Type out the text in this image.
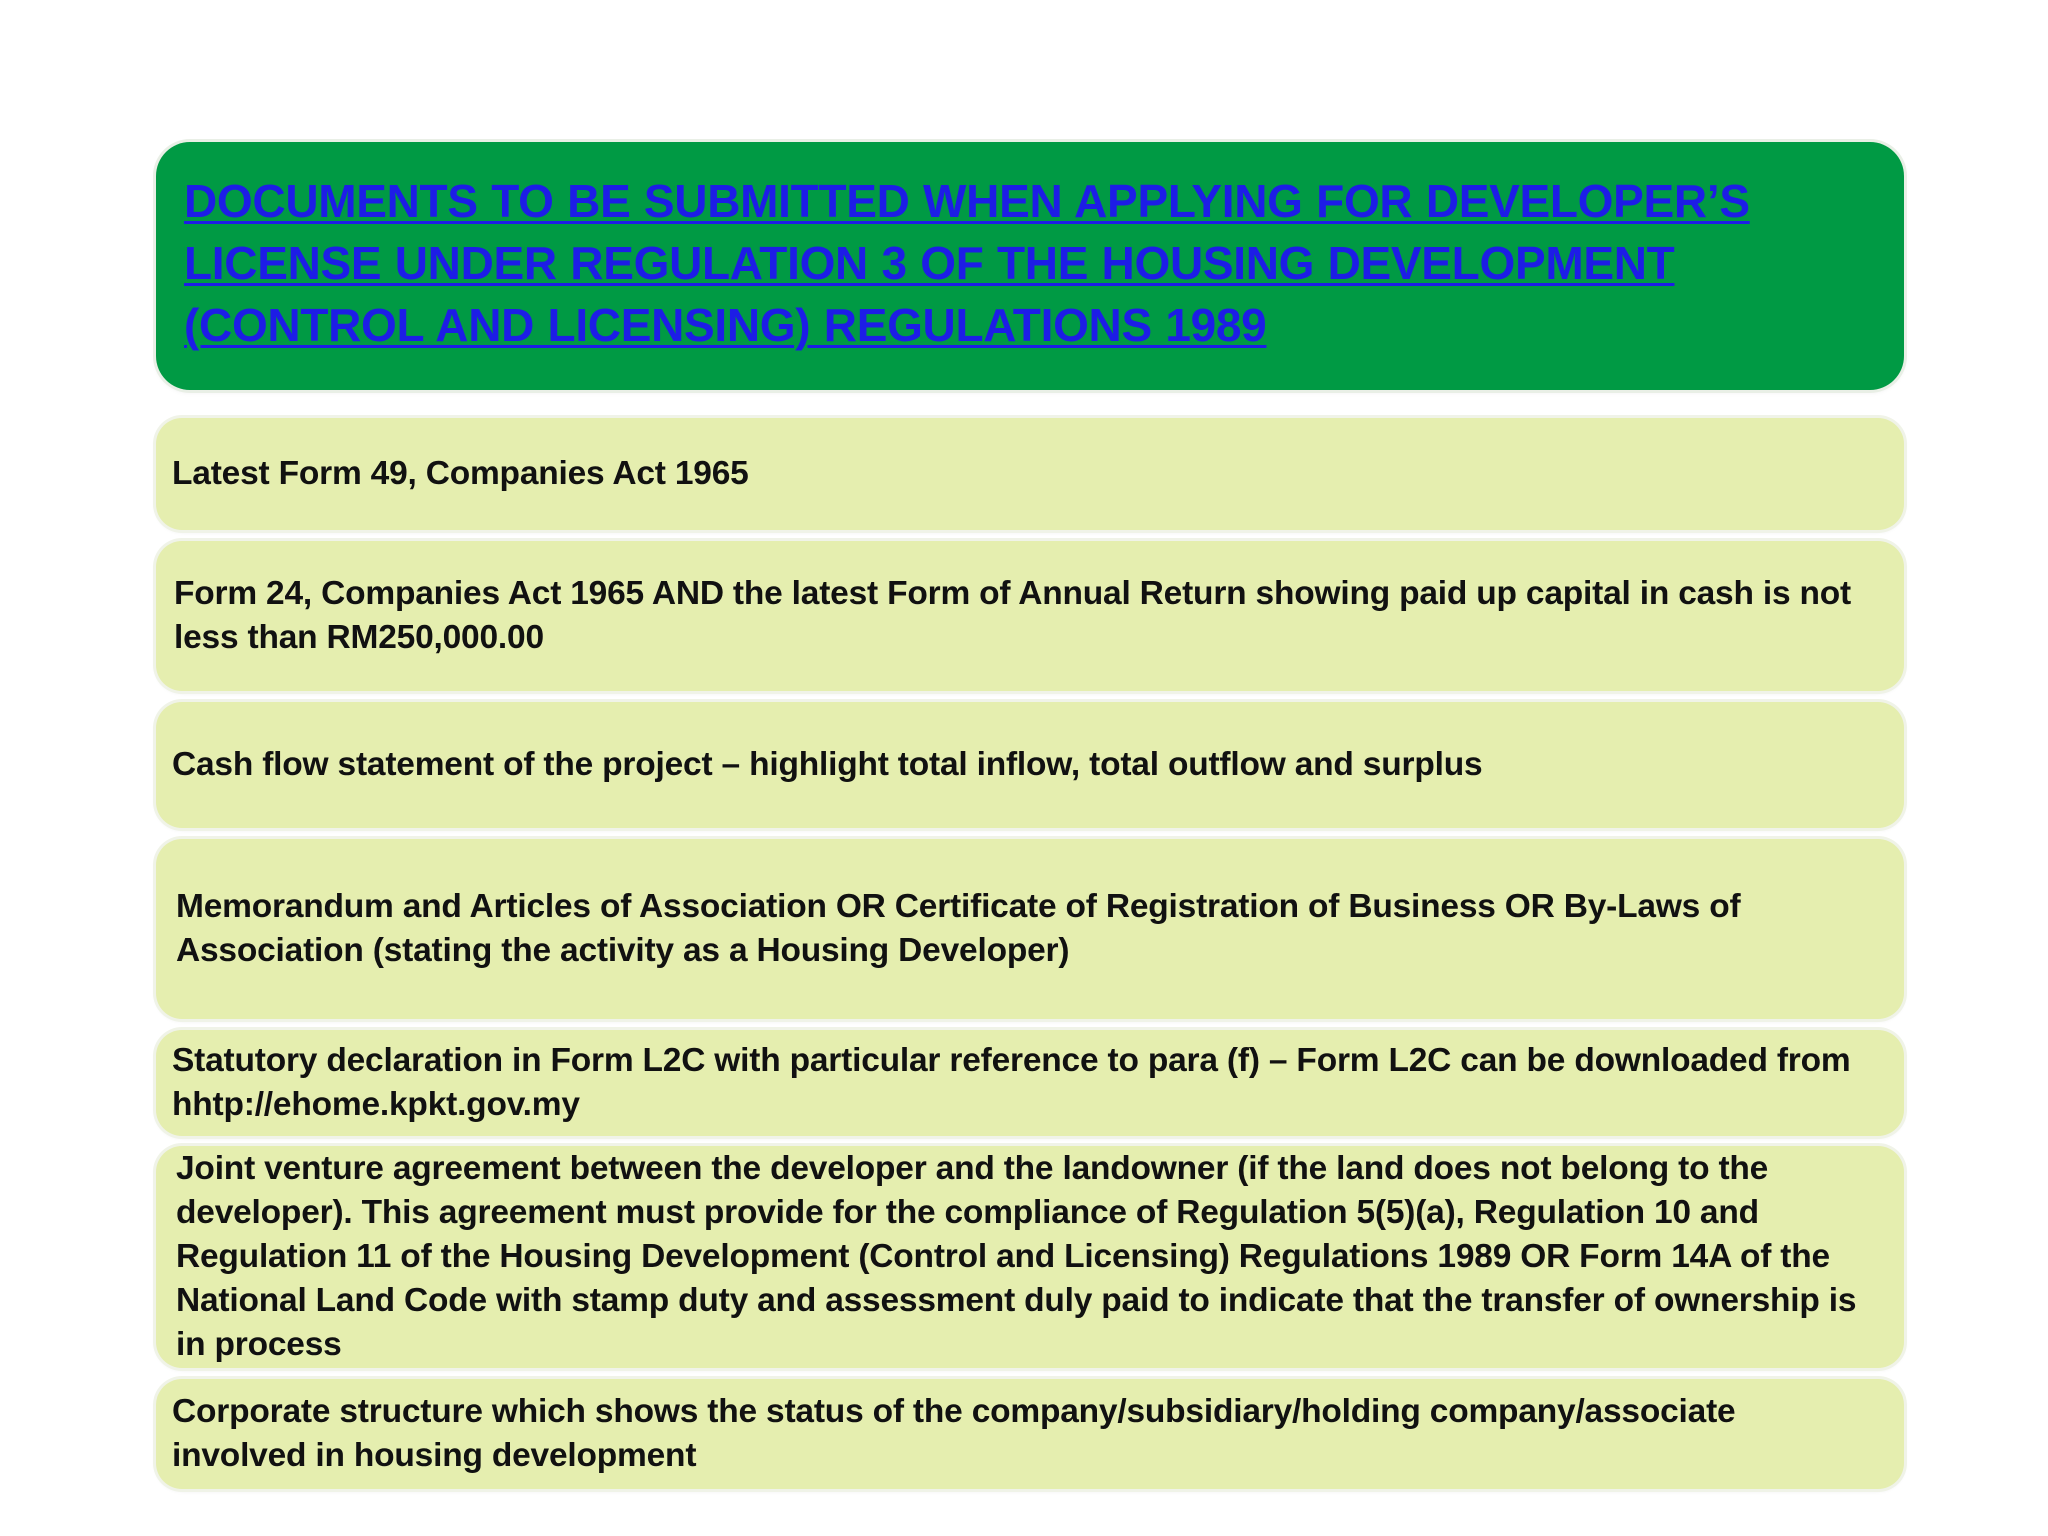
DOCUMENTS TO BE SUBMITTED WHEN APPLYING FOR DEVELOPER’S LICENSE UNDER REGULATION 3 OF THE HOUSING DEVELOPMENT (CONTROL AND LICENSING) REGULATIONS 1989
Latest Form 49, Companies Act 1965
Form 24, Companies Act 1965 AND the latest Form of Annual Return showing paid up capital in cash is not less than RM250,000.00
Cash flow statement of the project – highlight total inflow, total outflow and surplus
Memorandum and Articles of Association OR Certificate of Registration of Business OR By-Laws of Association (stating the activity as a Housing Developer)
Statutory declaration in Form L2C with particular reference to para (f) – Form L2C can be downloaded from hhtp://ehome.kpkt.gov.my
Joint venture agreement between the developer and the landowner (if the land does not belong to the developer). This agreement must provide for the compliance of Regulation 5(5)(a), Regulation 10 and Regulation 11 of the Housing Development (Control and Licensing) Regulations 1989 OR Form 14A of the National Land Code with stamp duty and assessment duly paid to indicate that the transfer of ownership is in process
Corporate structure which shows the status of the company/subsidiary/holding company/associate involved in housing development
